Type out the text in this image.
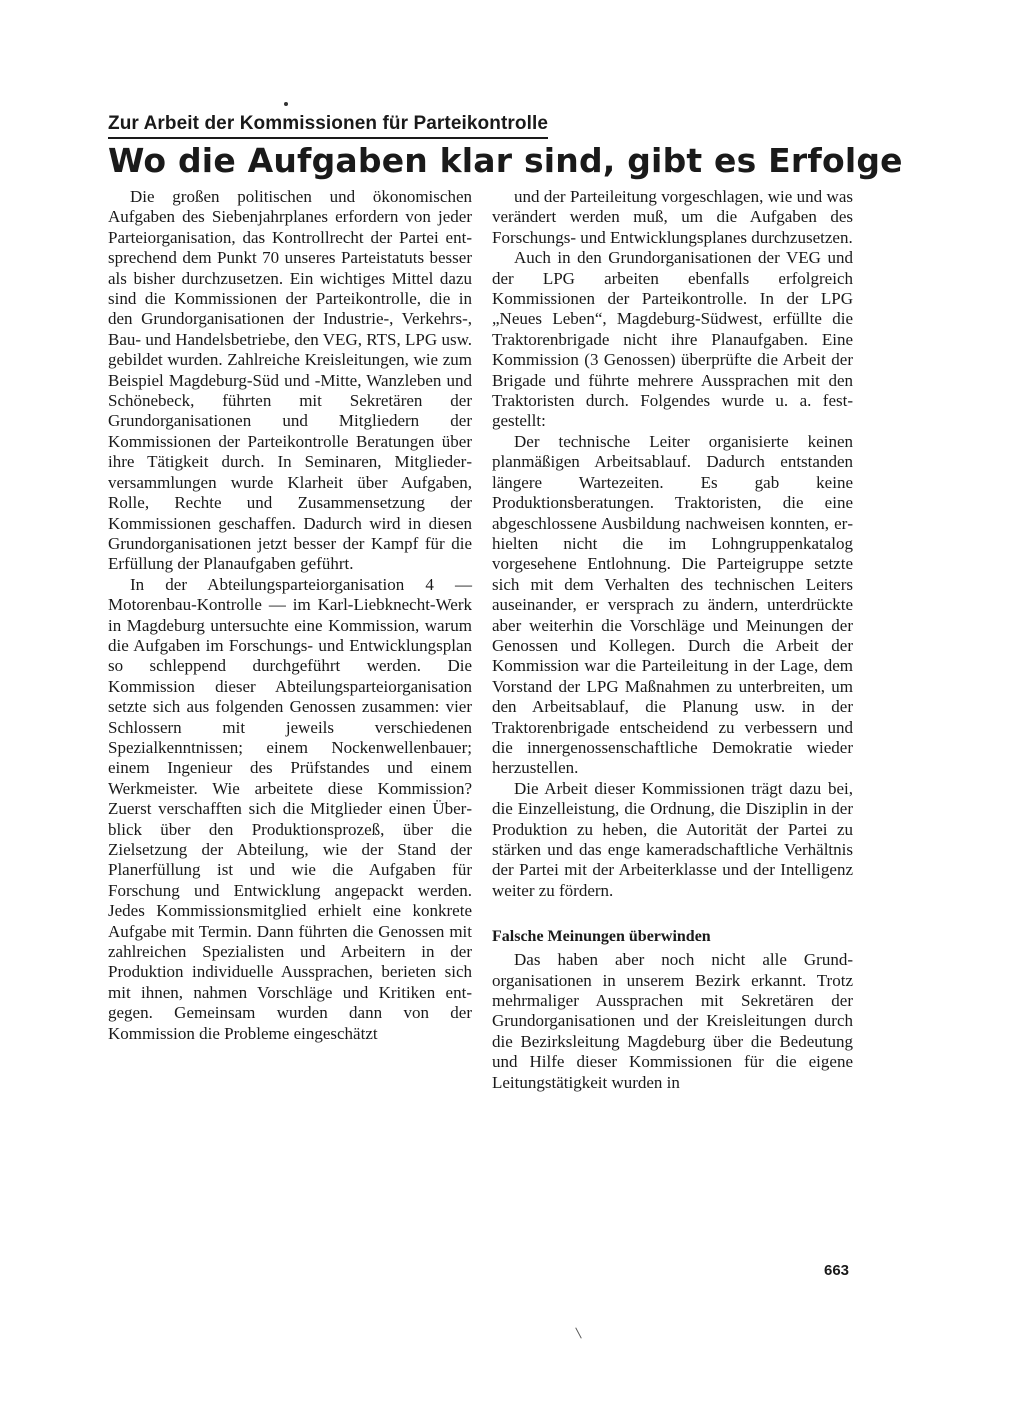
Zur Arbeit der Kommissionen für Parteikontrolle
Wo die Aufgaben klar sind, gibt es Erfolge

Die großen politischen und ökonomischen Aufgaben des Siebenjahrplanes erfordern von jeder Parteiorganisation, das Kontrollrecht der Partei entsprechend dem Punkt 70 unseres Parteistatuts besser als bisher durchzusetzen. Ein wichtiges Mittel dazu sind die Kommissionen der Parteikontrolle, die in den Grundorganisationen der Industrie-, Verkehrs-, Bau- und Handelsbetriebe, den VEG, RTS, LPG usw. gebildet wurden. Zahlreiche Kreisleitungen, wie zum Beispiel Magdeburg-Süd und -Mitte, Wanzleben und Schönebeck, führten mit Sekretären der Grundorganisationen und Mitgliedern der Kommissionen der Parteikontrolle Beratungen über ihre Tätigkeit durch. In Seminaren, Mitgliederversammlungen wurde Klarheit über Aufgaben, Rolle, Rechte und Zusammensetzung der Kommissionen geschaffen. Dadurch wird in diesen Grundorganisationen jetzt besser der Kampf für die Erfüllung der Planaufgaben geführt.

In der Abteilungsparteiorganisation 4 — Motorenbau-Kontrolle — im Karl-Liebknecht-Werk in Magdeburg untersuchte eine Kommission, warum die Aufgaben im Forschungs- und Entwicklungsplan so schleppend durchgeführt werden. Die Kommission dieser Abteilungsparteiorganisation setzte sich aus folgenden Genossen zusammen: vier Schlossern mit jeweils verschiedenen Spezialkenntnissen; einem Nockenwellenbauer; einem Ingenieur des Prüfstandes und einem Werkmeister. Wie arbeitete diese Kommission? Zuerst verschafften sich die Mitglieder einen Überblick über den Produktionsprozeß, über die Zielsetzung der Abteilung, wie der Stand der Planerfüllung ist und wie die Aufgaben für Forschung und Entwicklung angepackt werden. Jedes Kommissionsmitglied erhielt eine konkrete Aufgabe mit Termin. Dann führten die Genossen mit zahlreichen Spezialisten und Arbeitern in der Produktion individuelle Aussprachen, berieten sich mit ihnen, nahmen Vorschläge und Kritiken entgegen. Gemeinsam wurden dann von der Kommission die Probleme eingeschätzt

und der Parteileitung vorgeschlagen, wie und was verändert werden muß, um die Aufgaben des Forschungs- und Entwicklungsplanes durchzusetzen.

Auch in den Grundorganisationen der VEG und der LPG arbeiten ebenfalls erfolgreich Kommissionen der Parteikontrolle. In der LPG „Neues Leben“, Magdeburg-Südwest, erfüllte die Traktorenbrigade nicht ihre Planaufgaben. Eine Kommission (3 Genossen) überprüfte die Arbeit der Brigade und führte mehrere Aussprachen mit den Traktoristen durch. Folgendes wurde u. a. festgestellt:

Der technische Leiter organisierte keinen planmäßigen Arbeitsablauf. Dadurch entstanden längere Wartezeiten. Es gab keine Produktionsberatungen. Traktoristen, die eine abgeschlossene Ausbildung nachweisen konnten, erhielten nicht die im Lohngruppenkatalog vorgesehene Entlohnung. Die Parteigruppe setzte sich mit dem Verhalten des technischen Leiters auseinander, er versprach zu ändern, unterdrückte aber weiterhin die Vorschläge und Meinungen der Genossen und Kollegen. Durch die Arbeit der Kommission war die Parteileitung in der Lage, dem Vorstand der LPG Maßnahmen zu unterbreiten, um den Arbeitsablauf, die Planung usw. in der Traktorenbrigade entscheidend zu verbessern und die innergenossenschaftliche Demokratie wieder herzustellen.

Die Arbeit dieser Kommissionen trägt dazu bei, die Einzelleistung, die Ordnung, die Disziplin in der Produktion zu heben, die Autorität der Partei zu stärken und das enge kameradschaftliche Verhältnis der Partei mit der Arbeiterklasse und der Intelligenz weiter zu fördern.

Falsche Meinungen überwinden

Das haben aber noch nicht alle Grundorganisationen in unserem Bezirk erkannt. Trotz mehrmaliger Aussprachen mit Sekretären der Grundorganisationen und der Kreisleitungen durch die Bezirksleitung Magdeburg über die Bedeutung und Hilfe dieser Kommissionen für die eigene Leitungstätigkeit wurden in

663
